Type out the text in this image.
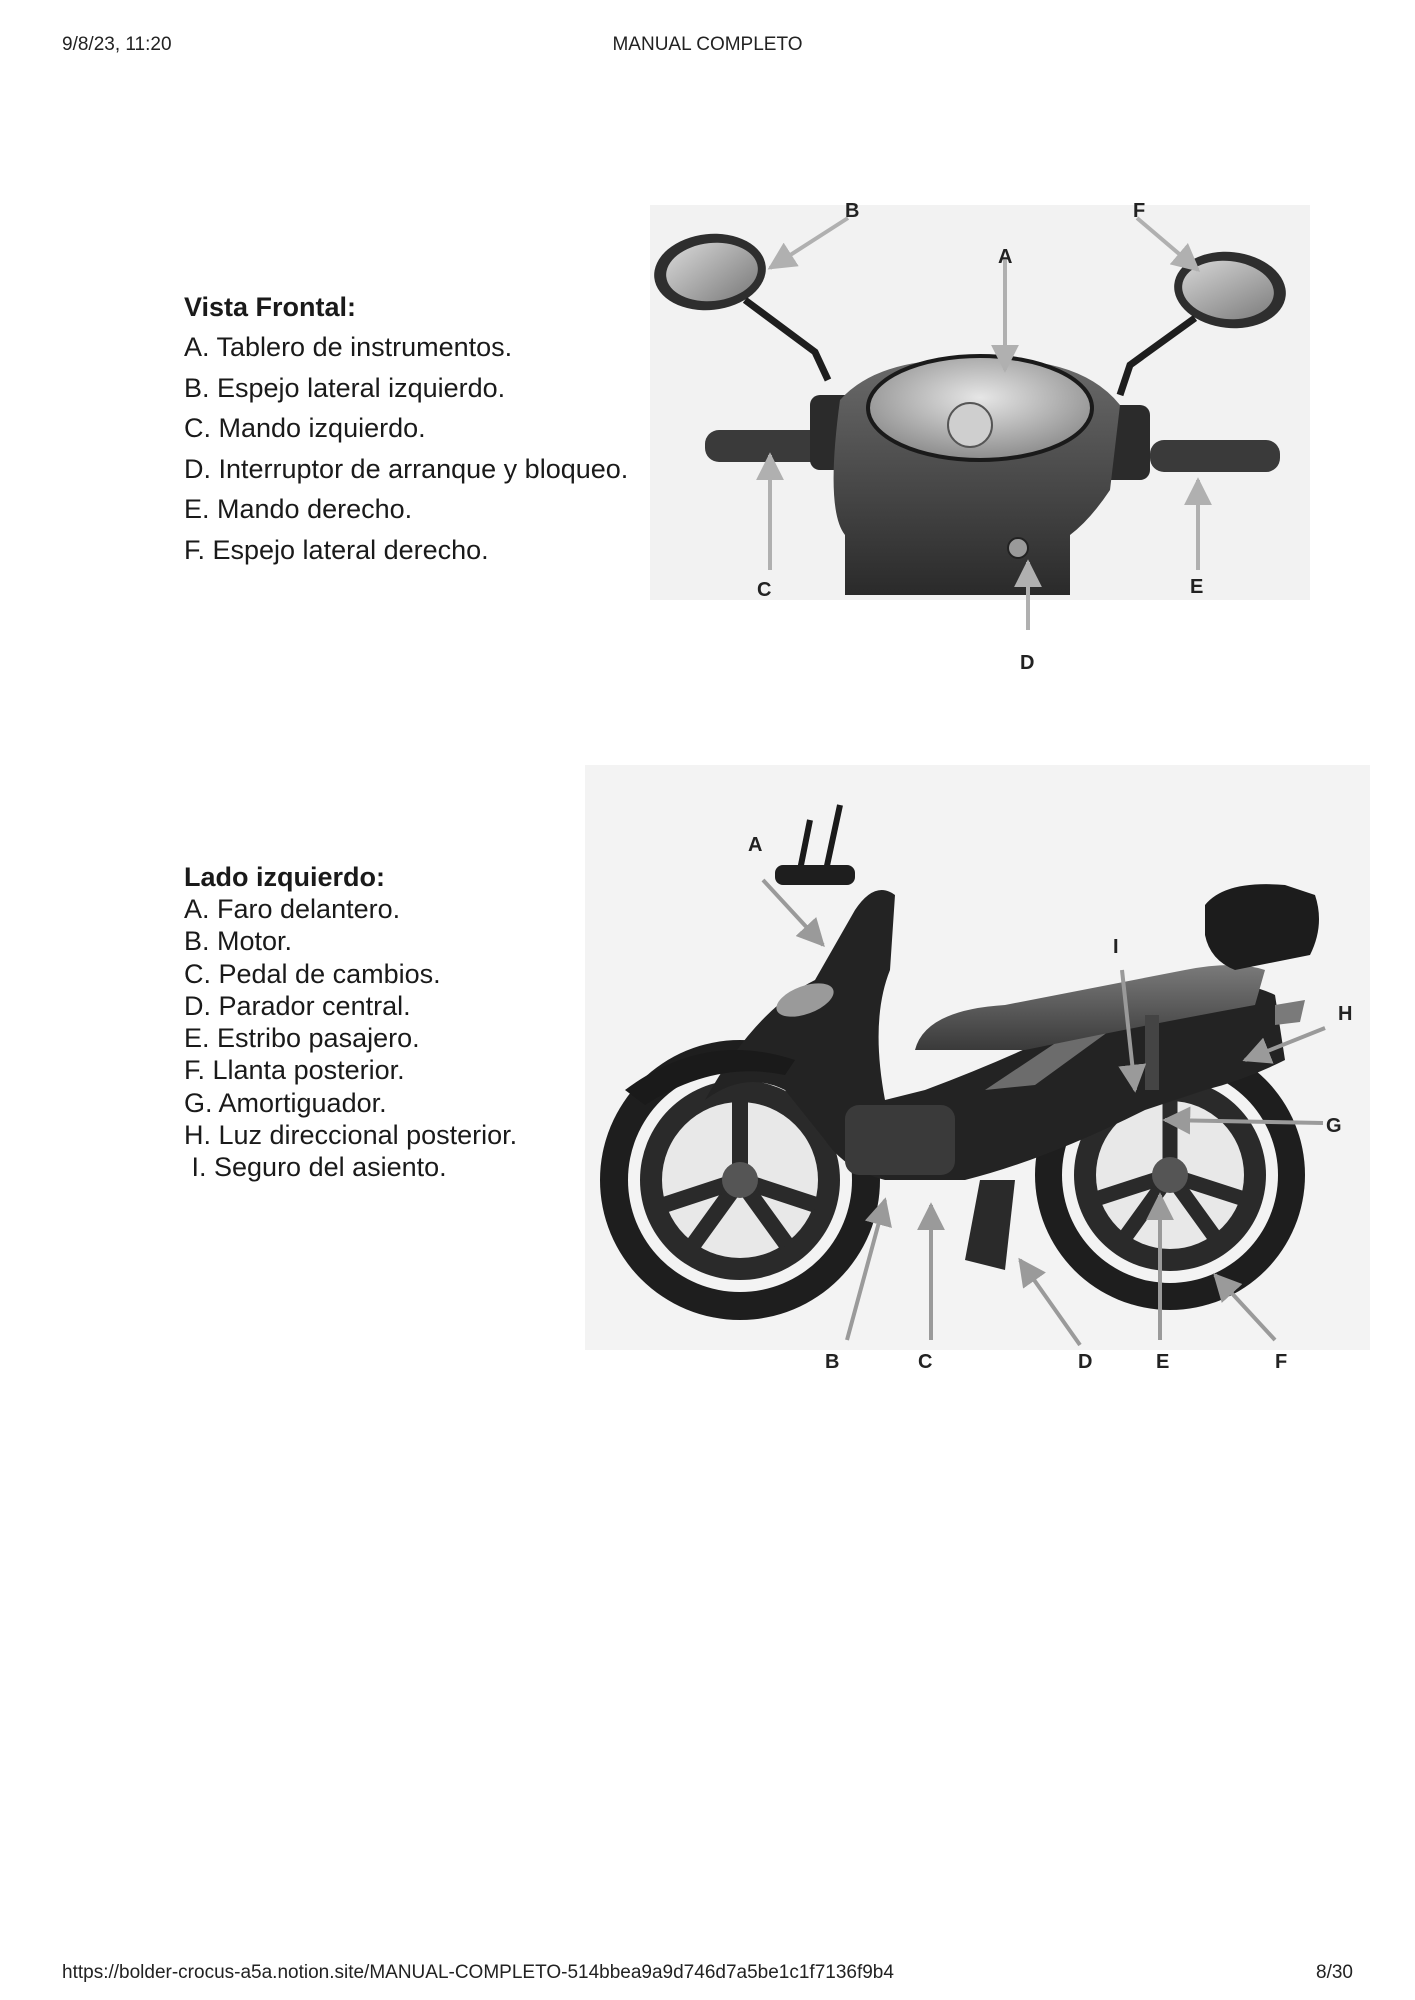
9/8/23, 11:20	MANUAL COMPLETO
Vista Frontal:
A. Tablero de instrumentos.
B. Espejo lateral izquierdo.
C. Mando izquierdo.
D. Interruptor de arranque y bloqueo.
E. Mando derecho.
F. Espejo lateral derecho.
A
B
C
D
E
F
Lado izquierdo:
A. Faro delantero.
B. Motor.
C. Pedal de cambios.
D. Parador central.
E. Estribo pasajero.
F. Llanta posterior.
G. Amortiguador.
H. Luz direccional posterior.
I. Seguro del asiento.
A
B	C	D	E	F
G
H
I
https://bolder-crocus-a5a.notion.site/MANUAL-COMPLETO-514bbea9a9d746d7a5be1c1f7136f9b4	8/30
